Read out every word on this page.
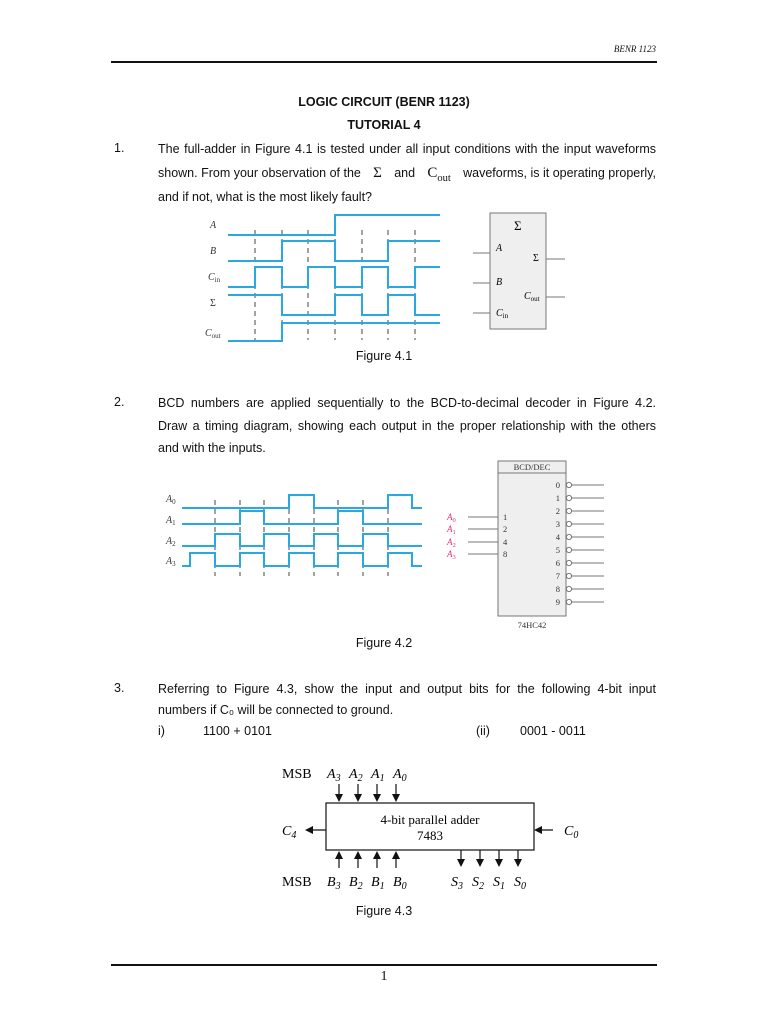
BENR 1123
LOGIC CIRCUIT (BENR 1123)
TUTORIAL 4
1.	The full-adder in Figure 4.1 is tested under all input conditions with the input waveforms
shown. From your observation of the Σ and $C_{out}$ waveforms, is it operating properly,
and if not, what is the most likely fault?
A
B
$C_{in}$
Σ
$C_{out}$
Σ
A
B
$C_{in}$
Σ
$C_{out}$
Figure 4.1
2.	BCD numbers are applied sequentially to the BCD-to-decimal decoder in Figure 4.2.
Draw a timing diagram, showing each output in the proper relationship with the others
and with the inputs.
$A_0$
$A_1$
$A_2$
$A_3$
BCD/DEC
74HC42
$A_0$
$A_1$
$A_2$
$A_3$
1
2
4
8
0
1
2
3
4
5
6
7
8
9
Figure 4.2
3.	Referring to Figure 4.3, show the input and output bits for the following 4-bit input
numbers if C₀ will be connected to ground.
i)	1100 + 0101	(ii) 0001 - 0011
MSB $A_3$ $A_2$ $A_1$ $A_0$
4-bit parallel adder
7483
$C_4$	$C_0$
MSB $B_3$ $B_2$ $B_1$ $B_0$	$S_3$ $S_2$ $S_1$ $S_0$
Figure 4.3
1
